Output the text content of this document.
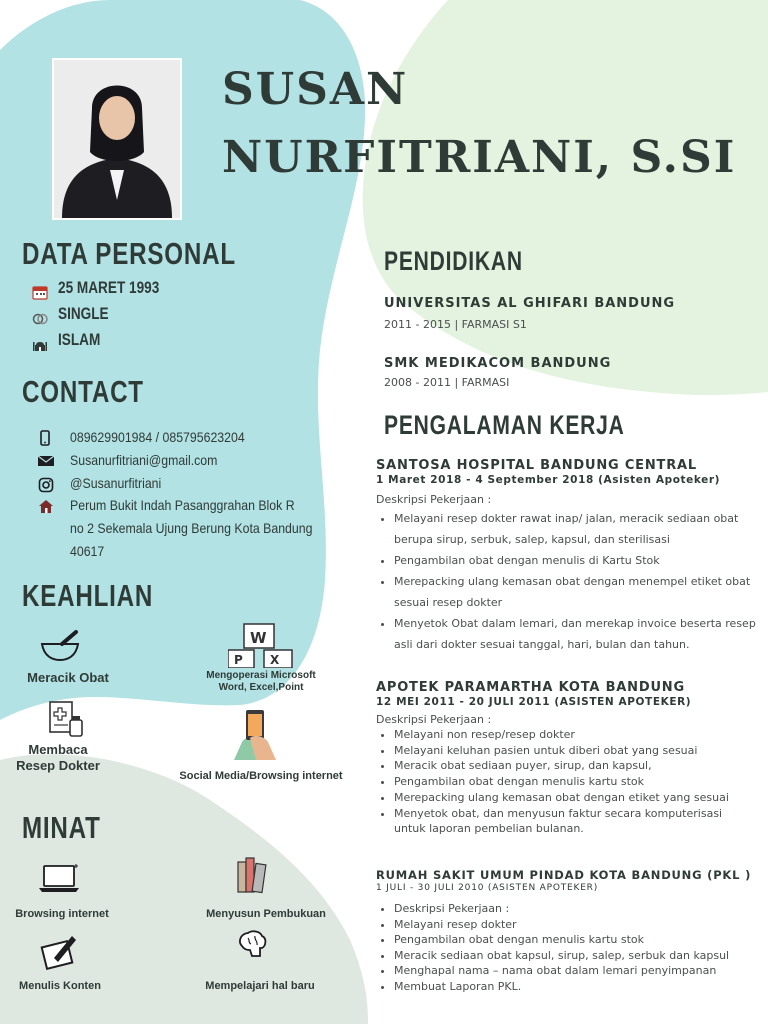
SUSAN
NURFITRIANI, S.SI
DATA PERSONAL
25 MARET 1993
SINGLE
ISLAM
CONTACT
089629901984 / 085795623204
Susanurfitriani@gmail.com
@Susanurfitriani
Perum Bukit Indah Pasanggrahan Blok R
no 2 Sekemala Ujung Berung Kota Bandung
40617
KEAHLIAN
Meracik Obat
W
P X
Mengoperasi Microsoft Word, Excel,Point
Membaca Resep Dokter
Social Media/Browsing internet
MINAT
Browsing internet	Menyusun Pembukuan
Menulis Konten	Mempelajari hal baru
PENDIDIKAN
UNIVERSITAS AL GHIFARI BANDUNG
2011 - 2015 | FARMASI S1
SMK MEDIKACOM BANDUNG
2008 - 2011 | FARMASI
PENGALAMAN KERJA
SANTOSA HOSPITAL BANDUNG CENTRAL
1 Maret 2018 - 4 September 2018 (Asisten Apoteker)
Deskripsi Pekerjaan :
• Melayani resep dokter rawat inap/ jalan, meracik sediaan obat berupa sirup, serbuk, salep, kapsul, dan sterilisasi
• Pengambilan obat dengan menulis di Kartu Stok
• Merepacking ulang kemasan obat dengan menempel etiket obat sesuai resep dokter
• Menyetok Obat dalam lemari, dan merekap invoice beserta resep asli dari dokter sesuai tanggal, hari, bulan dan tahun.
APOTEK PARAMARTHA KOTA BANDUNG
12 MEI 2011 - 20 JULI 2011 (ASISTEN APOTEKER)
Deskripsi Pekerjaan :
• Melayani non resep/resep dokter
• Melayani keluhan pasien untuk diberi obat yang sesuai
• Meracik obat sediaan puyer, sirup, dan kapsul,
• Pengambilan obat dengan menulis kartu stok
• Merepacking ulang kemasan obat dengan etiket yang sesuai
• Menyetok obat, dan menyusun faktur secara komputerisasi untuk laporan pembelian bulanan.
RUMAH SAKIT UMUM PINDAD KOTA BANDUNG (PKL )
1 JULI - 30 JULI 2010 (ASISTEN APOTEKER)
• Deskripsi Pekerjaan :
• Melayani resep dokter
• Pengambilan obat dengan menulis kartu stok
• Meracik sediaan obat kapsul, sirup, salep, serbuk dan kapsul
• Menghapal nama – nama obat dalam lemari penyimpanan
• Membuat Laporan PKL.
